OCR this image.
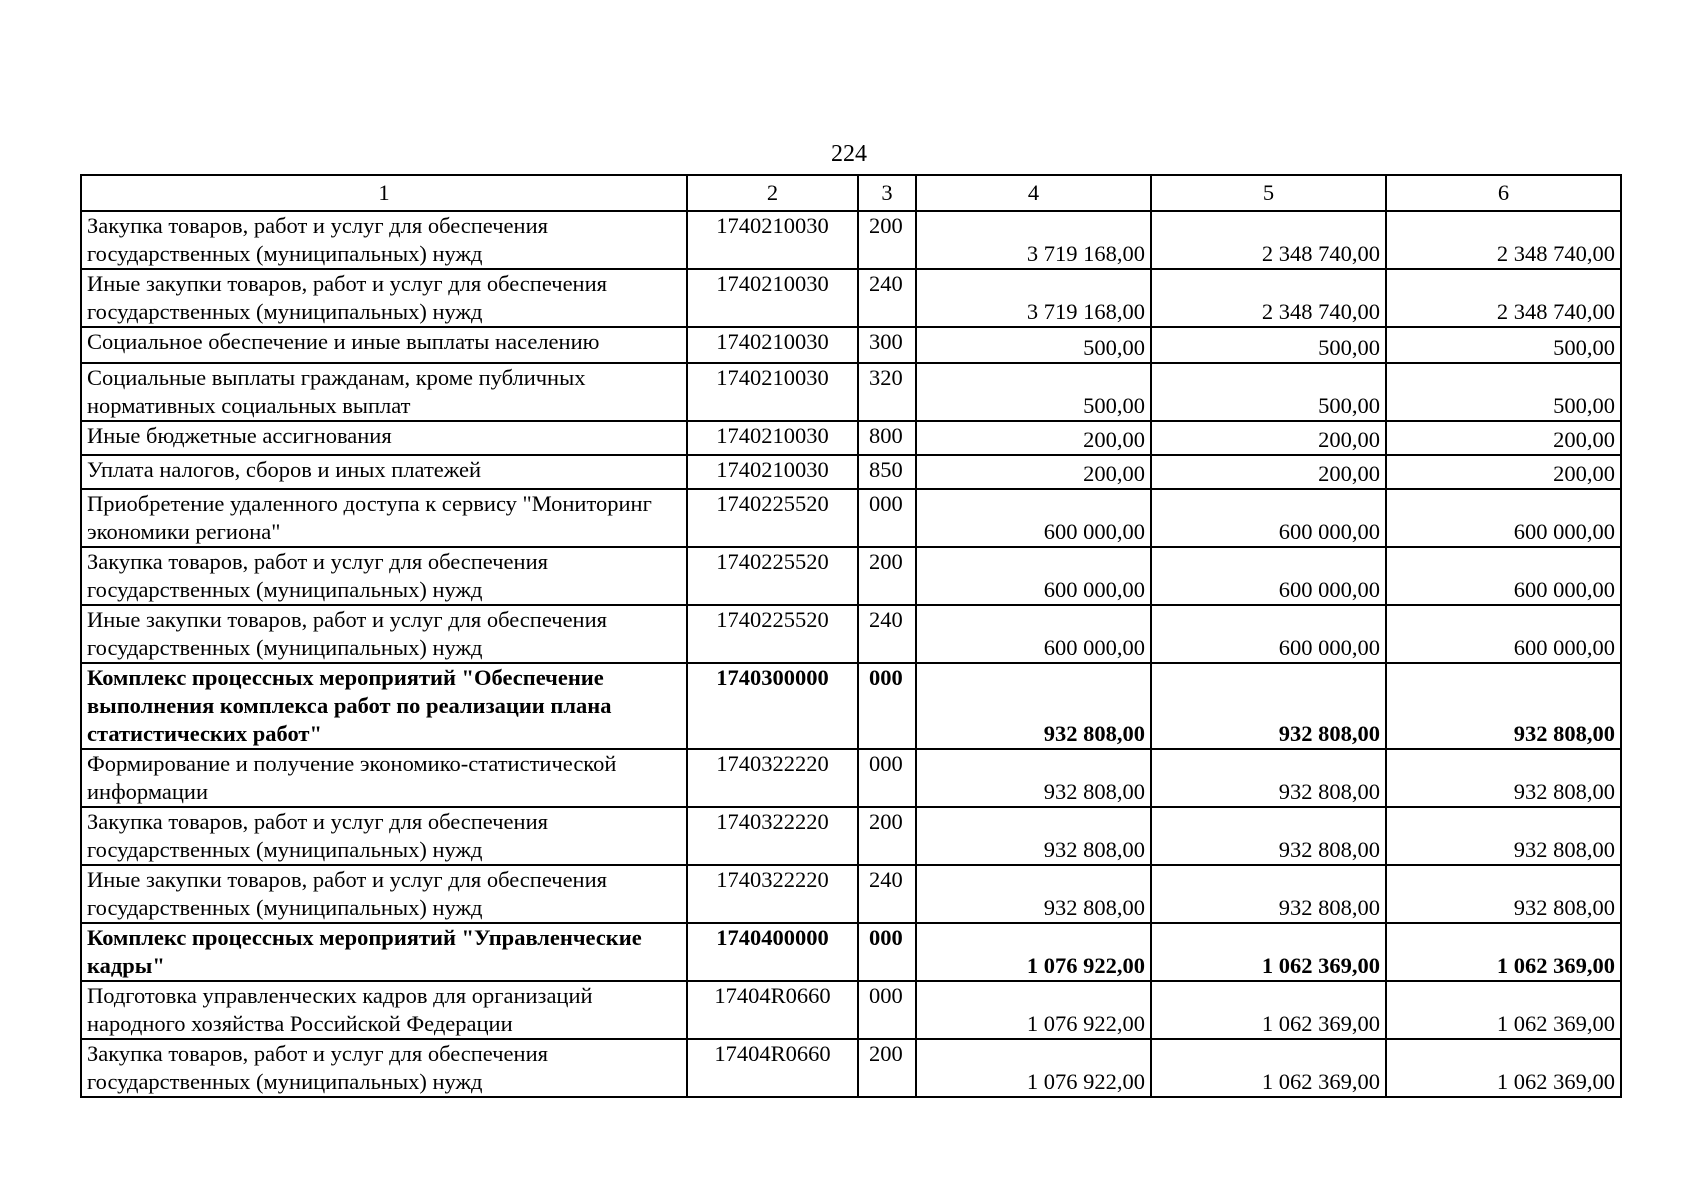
224
1	2	3	4	5	6
Закупка товаров, работ и услуг для обеспечения государственных (муниципальных) нужд	1740210030	200	3 719 168,00	2 348 740,00	2 348 740,00
Иные закупки товаров, работ и услуг для обеспечения государственных (муниципальных) нужд	1740210030	240	3 719 168,00	2 348 740,00	2 348 740,00
Социальное обеспечение и иные выплаты населению	1740210030	300	500,00	500,00	500,00
Социальные выплаты гражданам, кроме публичных нормативных социальных выплат	1740210030	320	500,00	500,00	500,00
Иные бюджетные ассигнования	1740210030	800	200,00	200,00	200,00
Уплата налогов, сборов и иных платежей	1740210030	850	200,00	200,00	200,00
Приобретение удаленного доступа к сервису "Мониторинг экономики региона"	1740225520	000	600 000,00	600 000,00	600 000,00
Закупка товаров, работ и услуг для обеспечения государственных (муниципальных) нужд	1740225520	200	600 000,00	600 000,00	600 000,00
Иные закупки товаров, работ и услуг для обеспечения государственных (муниципальных) нужд	1740225520	240	600 000,00	600 000,00	600 000,00
Комплекс процессных мероприятий "Обеспечение выполнения комплекса работ по реализации плана статистических работ"	1740300000	000	932 808,00	932 808,00	932 808,00
Формирование и получение экономико-статистической информации	1740322220	000	932 808,00	932 808,00	932 808,00
Закупка товаров, работ и услуг для обеспечения государственных (муниципальных) нужд	1740322220	200	932 808,00	932 808,00	932 808,00
Иные закупки товаров, работ и услуг для обеспечения государственных (муниципальных) нужд	1740322220	240	932 808,00	932 808,00	932 808,00
Комплекс процессных мероприятий "Управленческие кадры"	1740400000	000	1 076 922,00	1 062 369,00	1 062 369,00
Подготовка управленческих кадров для организаций народного хозяйства Российской Федерации	17404R0660	000	1 076 922,00	1 062 369,00	1 062 369,00
Закупка товаров, работ и услуг для обеспечения государственных (муниципальных) нужд	17404R0660	200	1 076 922,00	1 062 369,00	1 062 369,00
